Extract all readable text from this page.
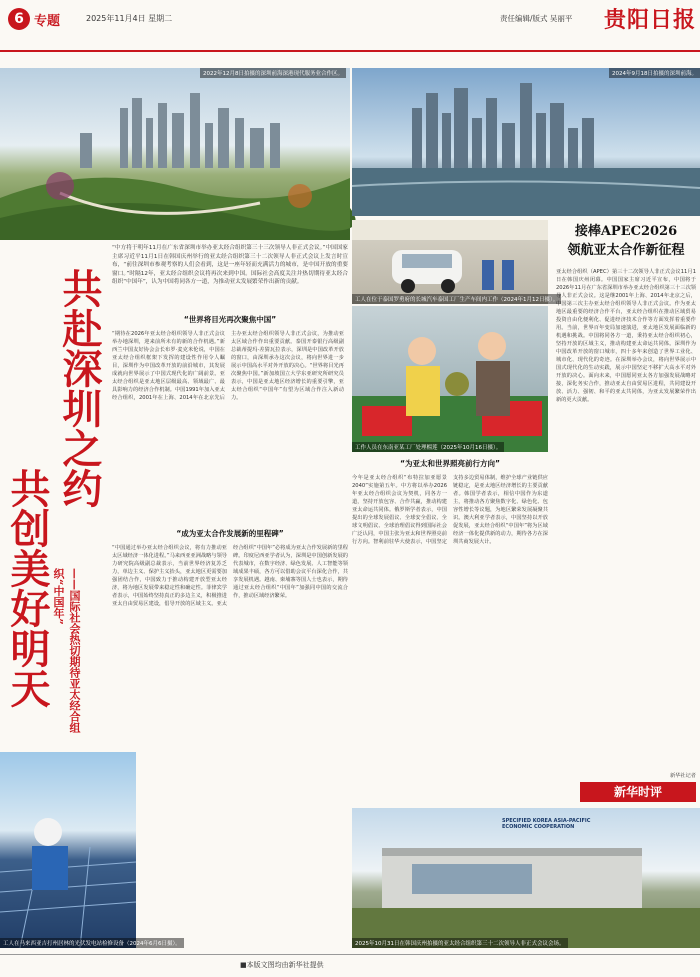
6 专题	2025年11月4日 星期二	责任编辑/版式 吴丽平 贵阳日报
2022年12月8日拍摄的深圳前海深港现代服务业合作区。	2024年9月18日拍摄的深圳前海。
接棒APEC2026
领航亚太合作新征程
亚太经合组织（APEC）第三十二次领导人非正式会议11月1日在韩国庆州闭幕。中国国家主席习近平宣布，中国将于2026年11月在广东省深圳市举办亚太经合组织第三十三次领导人非正式会议。这是继2001年上海、2014年北京之后，中国第三次主办亚太经合组织领导人非正式会议。作为亚太地区最重要的经济合作平台，亚太经合组织在推动区域贸易投资自由化便利化、促进经济技术合作等方面发挥着重要作用。当前，世界百年变局加速演进，亚太地区发展面临新的机遇和挑战。中国将同各方一道，秉持亚太经合组织初心，坚持开放的区域主义，推动构建亚太命运共同体。深圳作为中国改革开放的窗口城市，四十多年来创造了世界工业化、城市化、现代化的奇迹。在深圳举办会议，将向世界展示中国式现代化的生动实践，展示中国坚定不移扩大高水平对外开放的决心。面向未来，中国愿同亚太各方加强发展战略对接，深化务实合作，推动亚太自由贸易区进程，共同建设开放、活力、强韧、和平的亚太共同体，为亚太发展繁荣作出新的更大贡献。
新华社记者
新华时评
共赴深圳之约
共创美好明天	——国际社会热切期待亚太经合组织“中国年”
“中方将于明年11月在广东省深圳市举办亚太经合组织第三十三次领导人非正式会议。”中国国家主席习近平11月1日在韩国庆州举行的亚太经合组织第三十二次领导人非正式会议上发言时宣布，“前往深圳市参观考察的人们会看到，这是一座年轻而充满活力的城市，是中国开放的重要窗口。”时隔12年，亚太经合组织会议将再次来到中国。国际社会高度关注并热切期待亚太经合组织“中国年”，认为中国将同各方一道，为推动亚太发展繁荣作出新的贡献。
“世界将目光再次聚焦中国”
“期待在2026年亚太经合组织领导人非正式会议举办地深圳，迎来前所未有的新的合作机遇。”新西兰中国友好协会会长布罗·麦克米伦说，中国在亚太经合组织框架下发挥的建设性作用令人瞩目，深圳作为中国改革开放的前沿城市，其发展成就向世界展示了中国式现代化的广阔前景。亚太经合组织是亚太地区层级最高、领域最广、最具影响力的经济合作机制。中国1991年加入亚太经合组织，2001年在上海、2014年在北京先后主办亚太经合组织领导人非正式会议，为推动亚太区域合作作出重要贡献。泰国开泰银行高级副总裁蒂提玛·差猜瓦拉表示，深圳是中国改革开放的窗口，由深圳承办这次会议，将向世界进一步展示中国高水平对外开放的决心。“世界将目光再次聚焦中国。”新加坡国立大学东亚研究所研究员表示，中国是亚太地区经济增长的重要引擎，亚太经合组织“中国年”有望为区域合作注入新动力。
工人在位于泰国罗勇府的长城汽车泰国工厂生产车间内工作（2024年1月12日摄）。
工作人员在东南亚某工厂处理榴莲（2025年10月16日摄）。
“为亚太和世界照亮前行方向”
今年是亚太经合组织“布特拉加亚愿景2040”实施第五年。中方将以举办2026年亚太经合组织会议为契机，同各方一道，坚持开放包容、合作共赢，推动构建亚太命运共同体。俄罗斯学者表示，中国提出的全球发展倡议、全球安全倡议、全球文明倡议、全球治理倡议得到国际社会广泛认同，中国主张为亚太和世界照亮前行方向。智利前驻华大使表示，中国坚定支持多边贸易体制，维护全球产业链供应链稳定，是亚太地区经济增长的主要贡献者。韩国学者表示，相信中国作为东道主，将推动各方聚焦数字化、绿色化、包容性增长等议题，为地区繁荣发展凝聚共识。澳大利亚学者表示，中国坚持以开放促发展，亚太经合组织“中国年”将为区域经济一体化提供新的动力，期待各方在深圳共商发展大计。
“成为亚太合作发展新的里程碑”
“中国通过举办亚太经合组织会议，将有力推动亚太区域经济一体化进程。”马来西亚亚洲战略与领导力研究院高级副总裁表示，当前世界经济复苏乏力，单边主义、保护主义抬头，亚太地区更需要加强团结合作，中国致力于推动构建开放型亚太经济，将为地区发展带来稳定性和确定性。菲律宾学者表示，中国始终坚持真正的多边主义，积极推进亚太自由贸易区建设，倡导开放的区域主义。亚太经合组织“中国年”必将成为亚太合作发展新的里程碑。印度尼西亚学者认为，深圳是中国创新发展的代表城市，在数字经济、绿色发展、人工智能等领域成果丰硕，各方可以借助会议平台深化合作，共享发展机遇。越南、柬埔寨等国人士也表示，期待通过亚太经合组织“中国年”加强同中国的交流合作，推动区域经济繁荣。
工人在马来西亚吉打州居林的光伏发电站检修设备（2024年6月6日摄）。
SPECIFIED KOREA ASIA-PACIFIC ECONOMIC COOPERATION
2025年10月31日在韩国庆州拍摄的亚太经合组织第三十二次领导人非正式会议会场。
■本版文图均由新华社提供
